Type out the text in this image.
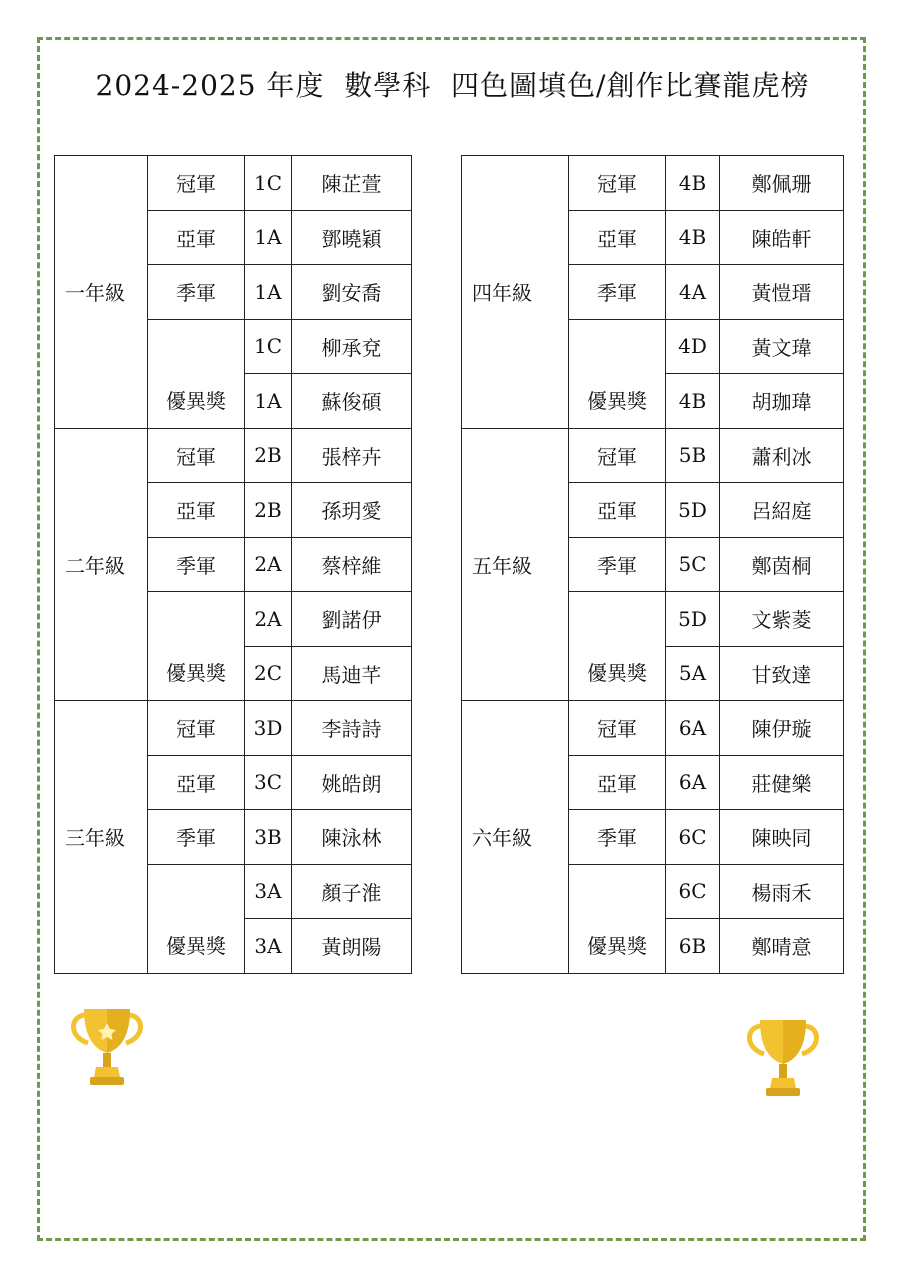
2024-2025 年度  數學科  四色圖填色/創作比賽龍虎榜
一年級	冠軍	1C	陳芷萱
	亞軍	1A	鄧曉穎
	季軍	1A	劉安喬
	優異獎	1C	柳承兗
		1A	蘇俊碩
二年級	冠軍	2B	張梓卉
	亞軍	2B	孫玥愛
	季軍	2A	蔡梓維
	優異獎	2A	劉諾伊
		2C	馬迪芊
三年級	冠軍	3D	李詩詩
	亞軍	3C	姚皓朗
	季軍	3B	陳泳林
	優異獎	3A	顏子淮
		3A	黃朗陽
四年級	冠軍	4B	鄭佩珊
	亞軍	4B	陳皓軒
	季軍	4A	黃愷瑨
	優異獎	4D	黃文瑋
		4B	胡珈瑋
五年級	冠軍	5B	蕭利冰
	亞軍	5D	呂紹庭
	季軍	5C	鄭茵桐
	優異獎	5D	文紫菱
		5A	甘致達
六年級	冠軍	6A	陳伊璇
	亞軍	6A	莊健樂
	季軍	6C	陳映同
	優異獎	6C	楊雨禾
		6B	鄭晴意
